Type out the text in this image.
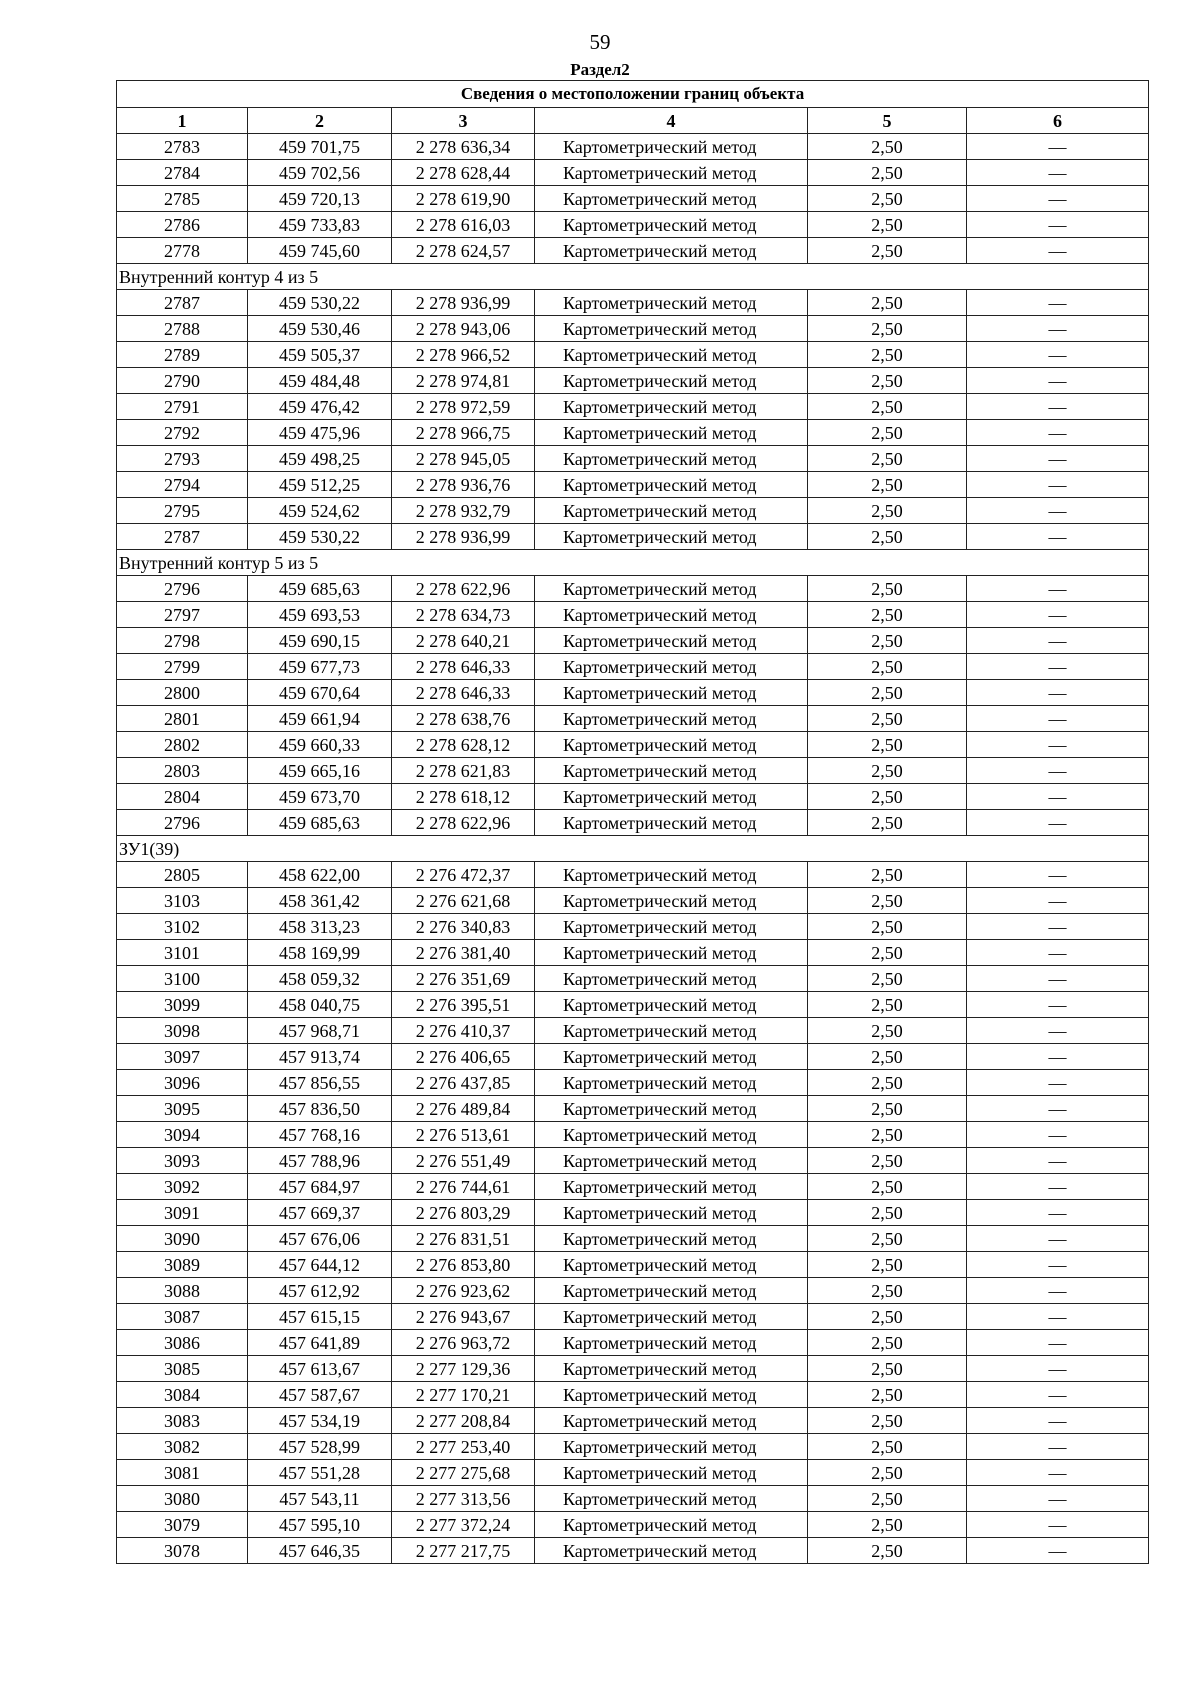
59
Раздел2
Сведения о местоположении границ объекта					
1	2	3	4	5	6
2783	459 701,75	2 278 636,34	Картометрический метод	2,50	—
2784	459 702,56	2 278 628,44	Картометрический метод	2,50	—
2785	459 720,13	2 278 619,90	Картометрический метод	2,50	—
2786	459 733,83	2 278 616,03	Картометрический метод	2,50	—
2778	459 745,60	2 278 624,57	Картометрический метод	2,50	—
Внутренний контур 4 из 5					
2787	459 530,22	2 278 936,99	Картометрический метод	2,50	—
2788	459 530,46	2 278 943,06	Картометрический метод	2,50	—
2789	459 505,37	2 278 966,52	Картометрический метод	2,50	—
2790	459 484,48	2 278 974,81	Картометрический метод	2,50	—
2791	459 476,42	2 278 972,59	Картометрический метод	2,50	—
2792	459 475,96	2 278 966,75	Картометрический метод	2,50	—
2793	459 498,25	2 278 945,05	Картометрический метод	2,50	—
2794	459 512,25	2 278 936,76	Картометрический метод	2,50	—
2795	459 524,62	2 278 932,79	Картометрический метод	2,50	—
2787	459 530,22	2 278 936,99	Картометрический метод	2,50	—
Внутренний контур 5 из 5					
2796	459 685,63	2 278 622,96	Картометрический метод	2,50	—
2797	459 693,53	2 278 634,73	Картометрический метод	2,50	—
2798	459 690,15	2 278 640,21	Картометрический метод	2,50	—
2799	459 677,73	2 278 646,33	Картометрический метод	2,50	—
2800	459 670,64	2 278 646,33	Картометрический метод	2,50	—
2801	459 661,94	2 278 638,76	Картометрический метод	2,50	—
2802	459 660,33	2 278 628,12	Картометрический метод	2,50	—
2803	459 665,16	2 278 621,83	Картометрический метод	2,50	—
2804	459 673,70	2 278 618,12	Картометрический метод	2,50	—
2796	459 685,63	2 278 622,96	Картометрический метод	2,50	—
ЗУ1(39)					
2805	458 622,00	2 276 472,37	Картометрический метод	2,50	—
3103	458 361,42	2 276 621,68	Картометрический метод	2,50	—
3102	458 313,23	2 276 340,83	Картометрический метод	2,50	—
3101	458 169,99	2 276 381,40	Картометрический метод	2,50	—
3100	458 059,32	2 276 351,69	Картометрический метод	2,50	—
3099	458 040,75	2 276 395,51	Картометрический метод	2,50	—
3098	457 968,71	2 276 410,37	Картометрический метод	2,50	—
3097	457 913,74	2 276 406,65	Картометрический метод	2,50	—
3096	457 856,55	2 276 437,85	Картометрический метод	2,50	—
3095	457 836,50	2 276 489,84	Картометрический метод	2,50	—
3094	457 768,16	2 276 513,61	Картометрический метод	2,50	—
3093	457 788,96	2 276 551,49	Картометрический метод	2,50	—
3092	457 684,97	2 276 744,61	Картометрический метод	2,50	—
3091	457 669,37	2 276 803,29	Картометрический метод	2,50	—
3090	457 676,06	2 276 831,51	Картометрический метод	2,50	—
3089	457 644,12	2 276 853,80	Картометрический метод	2,50	—
3088	457 612,92	2 276 923,62	Картометрический метод	2,50	—
3087	457 615,15	2 276 943,67	Картометрический метод	2,50	—
3086	457 641,89	2 276 963,72	Картометрический метод	2,50	—
3085	457 613,67	2 277 129,36	Картометрический метод	2,50	—
3084	457 587,67	2 277 170,21	Картометрический метод	2,50	—
3083	457 534,19	2 277 208,84	Картометрический метод	2,50	—
3082	457 528,99	2 277 253,40	Картометрический метод	2,50	—
3081	457 551,28	2 277 275,68	Картометрический метод	2,50	—
3080	457 543,11	2 277 313,56	Картометрический метод	2,50	—
3079	457 595,10	2 277 372,24	Картометрический метод	2,50	—
3078	457 646,35	2 277 217,75	Картометрический метод	2,50	—
